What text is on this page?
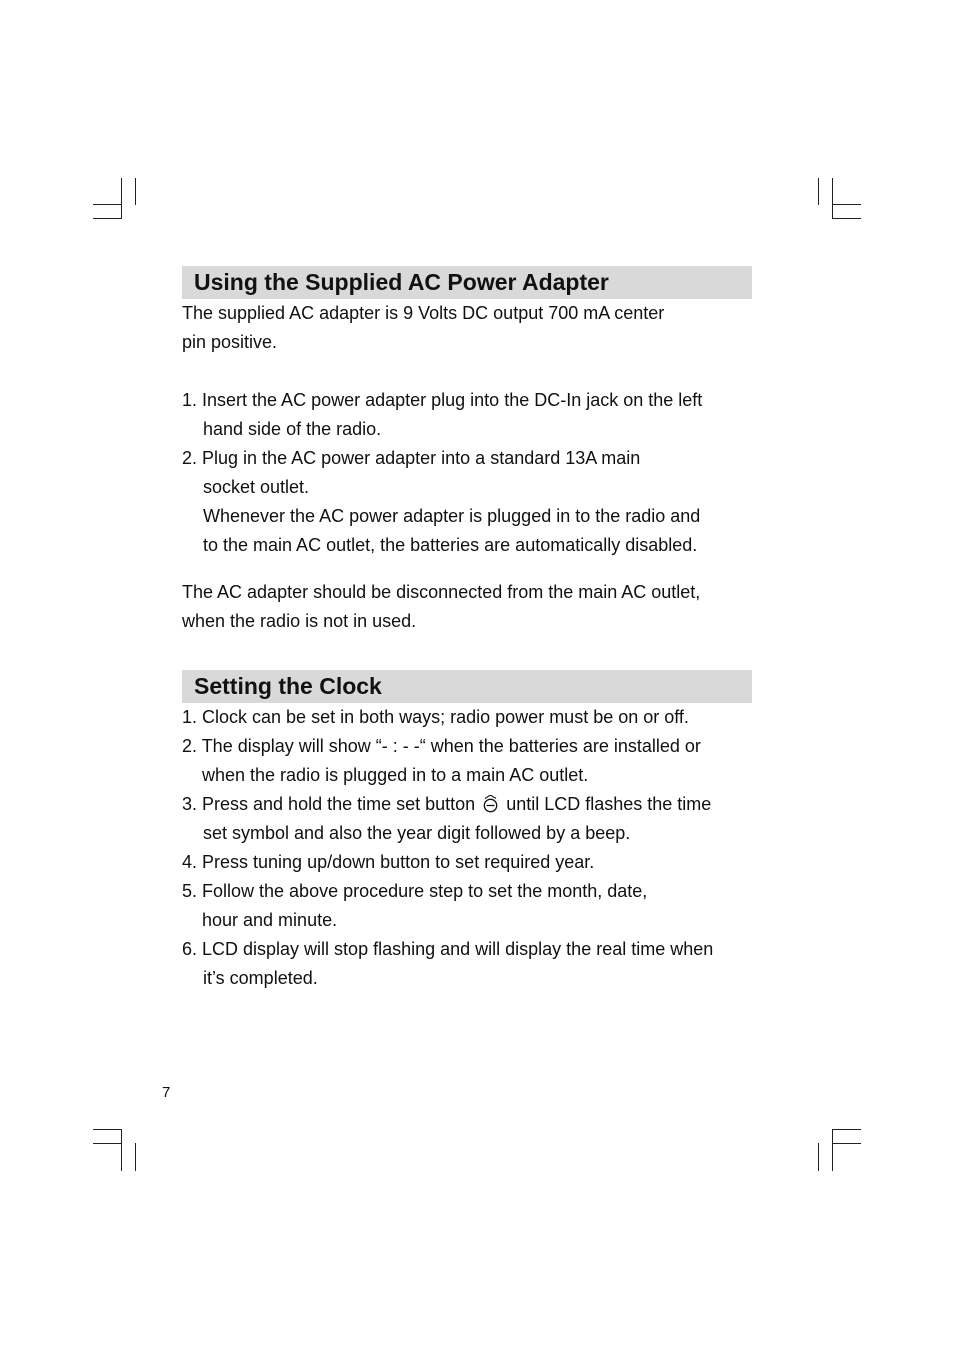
Using the Supplied AC Power Adapter
The supplied AC adapter is 9 Volts DC output 700 mA center
pin positive.
1. Insert the AC power adapter plug into the DC-In jack on the left
hand side of the radio.
2. Plug in the AC power adapter into a standard 13A main
socket outlet.
Whenever the AC power adapter is plugged in to the radio and
to the main AC outlet, the batteries are automatically disabled.
The AC adapter should be disconnected from the main AC outlet,
when the radio is not in used.
Setting the Clock
1. Clock can be set in both ways; radio power must be on or off.
2. The display will show “- : - -“ when the batteries are installed or
when the radio is plugged in to a main AC outlet.
3. Press and hold the time set button  until LCD flashes the time
set symbol and also the year digit followed by a beep.
4. Press tuning up/down button to set required year.
5. Follow the above procedure step to set the month, date,
hour and minute.
6. LCD display will stop flashing and will display the real time when
it’s completed.
7
